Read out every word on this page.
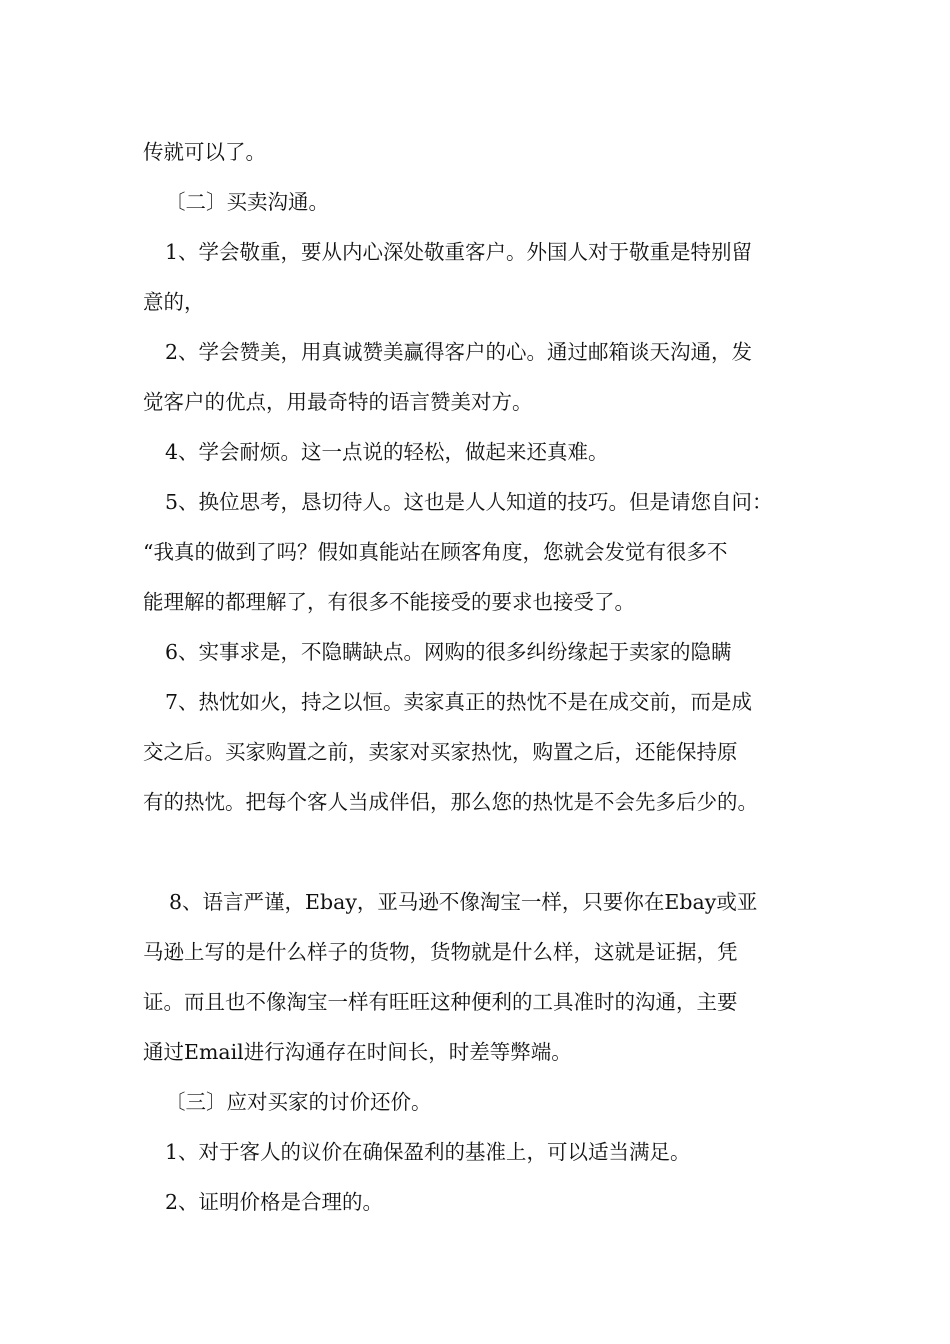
传就可以了。

〔二〕买卖沟通。

1、学会敬重，要从内心深处敬重客户。外国人对于敬重是特别留

意的，

2、学会赞美，用真诚赞美赢得客户的心。通过邮箱谈天沟通，发

觉客户的优点，用最奇特的语言赞美对方。

4、学会耐烦。这一点说的轻松，做起来还真难。

5、换位思考，恳切待人。这也是人人知道的技巧。但是请您自问：

“我真的做到了吗？假如真能站在顾客角度，您就会发觉有很多不

能理解的都理解了，有很多不能接受的要求也接受了。

6、实事求是，不隐瞒缺点。网购的很多纠纷缘起于卖家的隐瞒

7、热忱如火，持之以恒。卖家真正的热忱不是在成交前，而是成

交之后。买家购置之前，卖家对买家热忱，购置之后，还能保持原

有的热忱。把每个客人当成伴侣，那么您的热忱是不会先多后少的。

8、语言严谨，Ebay，亚马逊不像淘宝一样，只要你在Ebay或亚

马逊上写的是什么样子的货物，货物就是什么样，这就是证据，凭

证。而且也不像淘宝一样有旺旺这种便利的工具准时的沟通，主要

通过Email进行沟通存在时间长，时差等弊端。

〔三〕应对买家的讨价还价。

1、对于客人的议价在确保盈利的基准上，可以适当满足。

2、证明价格是合理的。
